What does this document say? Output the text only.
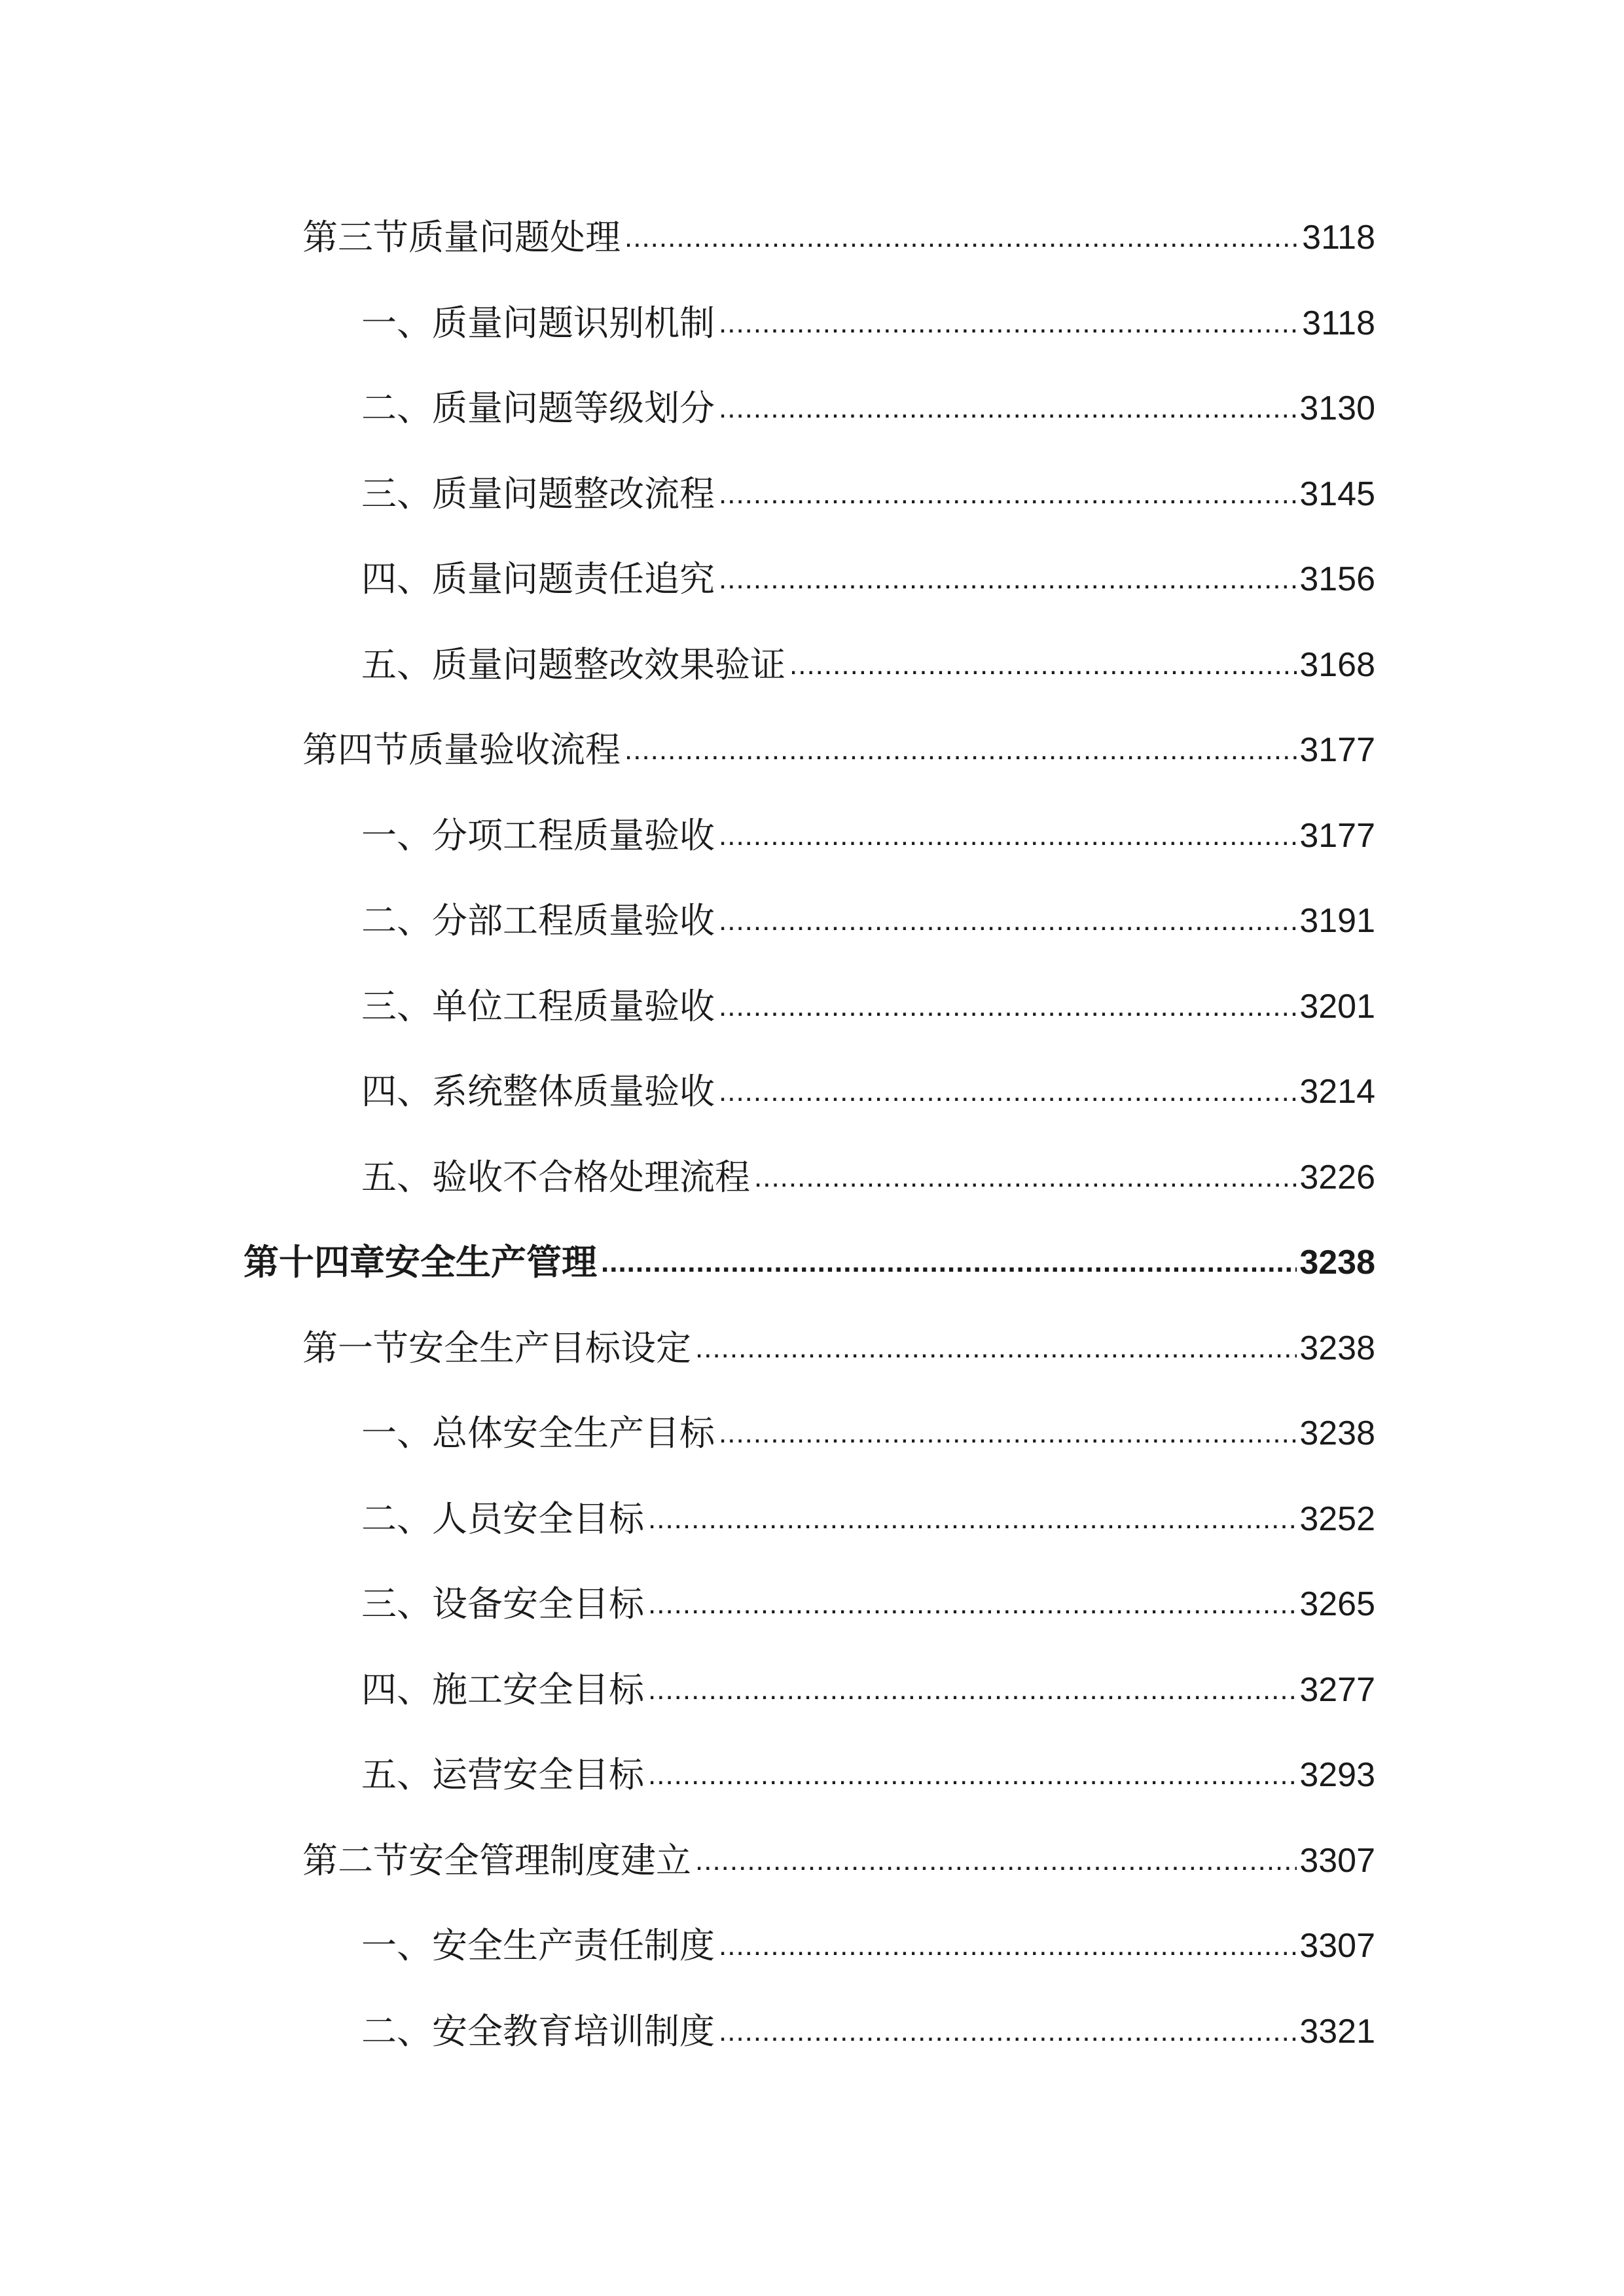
第三节质量问题处理 .....	3118
一、质量问题识别机制 .....	3118
二、质量问题等级划分 .....	3130
三、质量问题整改流程 .....	3145
四、质量问题责任追究 .....	3156
五、质量问题整改效果验证 .....	3168
第四节质量验收流程 .....	3177
一、分项工程质量验收 .....	3177
二、分部工程质量验收 .....	3191
三、单位工程质量验收 .....	3201
四、系统整体质量验收 .....	3214
五、验收不合格处理流程 .....	3226
第十四章安全生产管理 .....	3238
第一节安全生产目标设定 .....	3238
一、总体安全生产目标 .....	3238
二、人员安全目标 .....	3252
三、设备安全目标 .....	3265
四、施工安全目标 .....	3277
五、运营安全目标 .....	3293
第二节安全管理制度建立 .....	3307
一、安全生产责任制度 .....	3307
二、安全教育培训制度 .....	3321
